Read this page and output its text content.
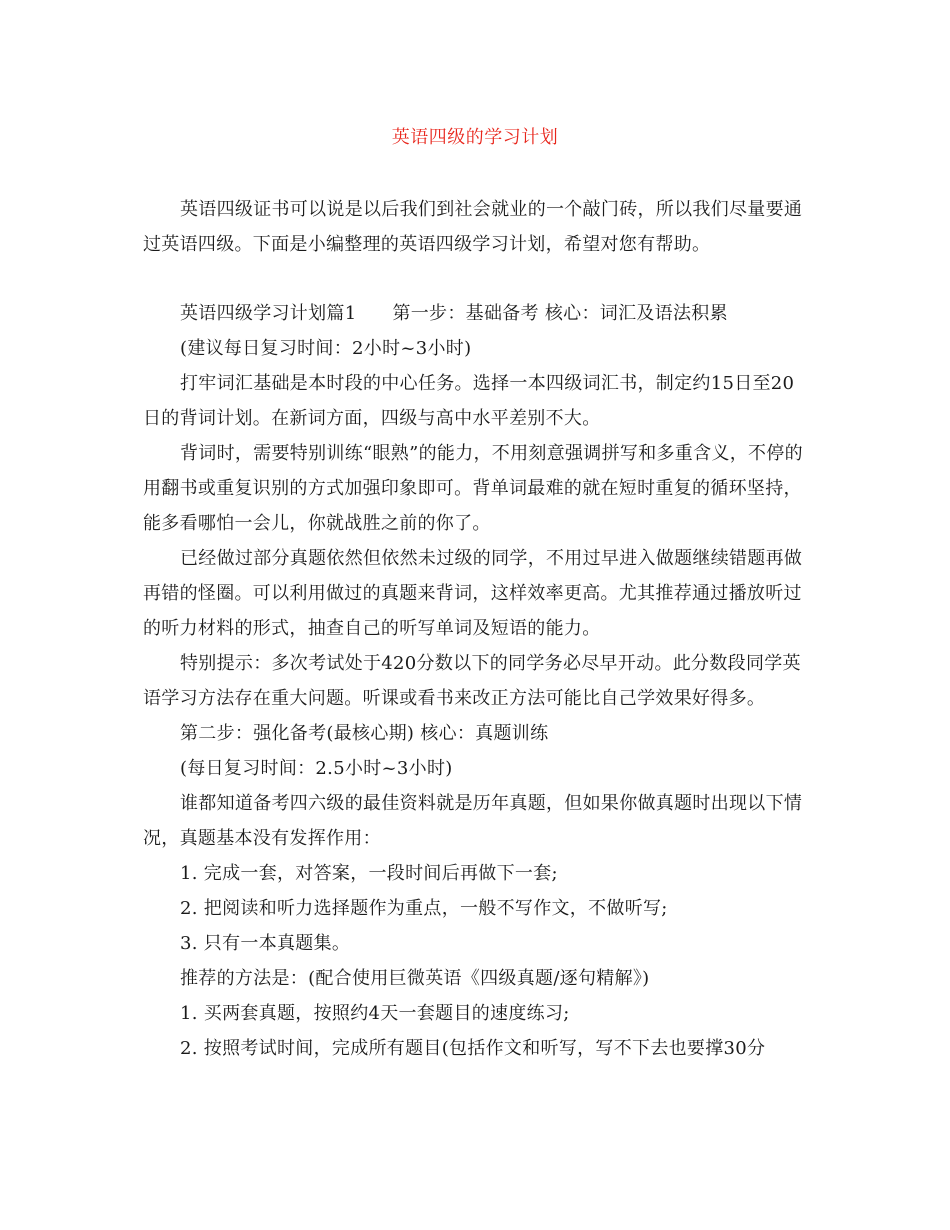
英语四级的学习计划

英语四级证书可以说是以后我们到社会就业的一个敲门砖，所以我们尽量要通过英语四级。下面是小编整理的英语四级学习计划，希望对您有帮助。

英语四级学习计划篇1 第一步：基础备考 核心：词汇及语法积累

(建议每日复习时间：2小时~3小时)

打牢词汇基础是本时段的中心任务。选择一本四级词汇书，制定约15日至20日的背词计划。在新词方面，四级与高中水平差别不大。

背词时，需要特别训练“眼熟”的能力，不用刻意强调拼写和多重含义，不停的用翻书或重复识别的方式加强印象即可。背单词最难的就在短时重复的循环坚持，能多看哪怕一会儿，你就战胜之前的你了。

已经做过部分真题依然但依然未过级的同学，不用过早进入做题继续错题再做再错的怪圈。可以利用做过的真题来背词，这样效率更高。尤其推荐通过播放听过的听力材料的形式，抽查自己的听写单词及短语的能力。

特别提示：多次考试处于420分数以下的同学务必尽早开动。此分数段同学英语学习方法存在重大问题。听课或看书来改正方法可能比自己学效果好得多。

第二步：强化备考(最核心期) 核心：真题训练

(每日复习时间：2.5小时~3小时)

谁都知道备考四六级的最佳资料就是历年真题，但如果你做真题时出现以下情况，真题基本没有发挥作用：

1. 完成一套，对答案，一段时间后再做下一套;

2. 把阅读和听力选择题作为重点，一般不写作文，不做听写;

3. 只有一本真题集。

推荐的方法是：(配合使用巨微英语《四级真题/逐句精解》)

1. 买两套真题，按照约4天一套题目的速度练习;

2. 按照考试时间，完成所有题目(包括作文和听写，写不下去也要撑30分
